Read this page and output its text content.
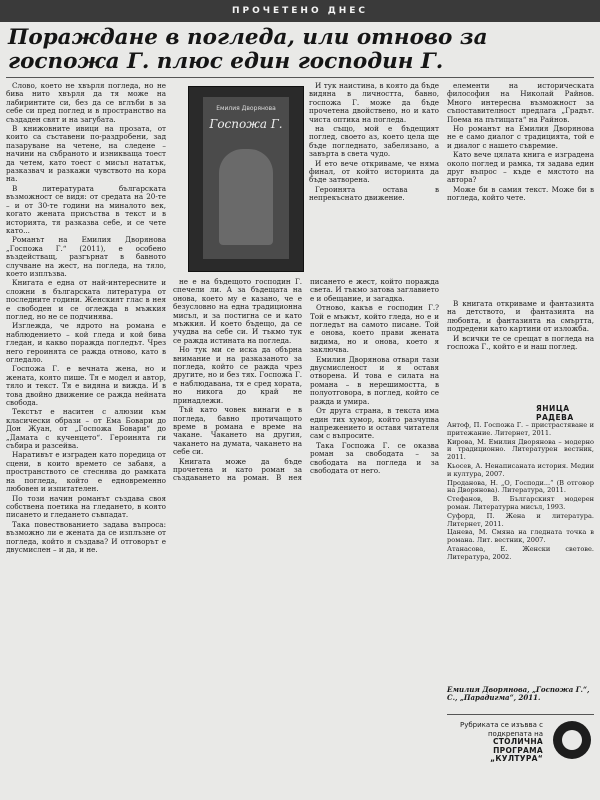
ПРОЧЕТЕНО ДНЕС
Пораждане в погледа, или отново за госпожа Г. плюс един господин Г.

Слово, което не хвърля погледа, но не бива нито хвърля да тя може на лабиринтите си, без да се вглъби в за себе си пред поглед и в пространство на създаден свят и на загубата.

В книжовните ивици на прозата, от които са съставени по-раздробени, зад пазаруване на четене, на следене – начини на събраното и изникваща тоест да четем, като тоест с мисъл нататък, разказвач и разкажи чувството на кора на.

В литературата българската възможност се видя: от средата на 20-те – и от 30-те години на миналото век, когато жената присъства в текст и в историята, тя разказва себе, и се чете като...

Романът на Емилия Дворянова „Госпожа Г.“ (2011), е особено въздействащ, разгърнат в бавното случване на жест, на погледа, на тяло, което изплъзва.

Книгата е една от най-интересните и сложни в българската литература от последните години. Женският глас в нея е свободен и се оглежда в мъжкия поглед, но не се подчинява.

Изглежда, че ядрото на романа е наблюдението – кой гледа и кой бива гледан, и какво поражда погледът. Чрез него героинята се ражда отново, като в огледало.

Госпожа Г. е вечната жена, но и жената, която пише. Тя е модел и автор, тяло и текст. Тя е видяна и вижда. И в това двойно движение се ражда нейната свобода.

Текстът е наситен с алюзии към класически образи – от Ема Бовари до Дон Жуан, от „Госпожа Бовари“ до „Дамата с кученцето“. Героинята ги събира и разсейва.

Наративът е изграден като поредица от сцени, в които времето се забавя, а пространството се стеснява до рамката на погледа, който е едновременно любовен и изпитателен.

По този начин романът създава своя собствена поетика на гледането, в която писането и гледането съвпадат.

Така повествованието задава въпроса: възможно ли е жената да се изплъзне от погледа, който я създава? И отговорът е двусмислен – и да, и не.

Емилия Дворянова
Госпожа Г.

И тук наистина, в която да бъде видяна в личността, бавно, госпожа Г. може да бъде прочетена двойствено, но и като чиста оптика на погледа.

на също, мой е бъдещият поглед, своето аз, което цела ще бъде погледнато, забелязано, а завърта в света чудо.

И ето вече откриваме, че няма финал, от който историята да бъде затворена.

Героинята остава в непрекъснато движение.

не е на бъдещото господин Г. спечели ли. А за бъдещата на онова, което му е казано, че е безусловно на една традиционна мисъл, и за постигна се и като мъжкия. И което бъдещо, да се учудва на себе си. И тъкмо тук се ражда истината на погледа.

Но тук ми се иска да обърна внимание и на разказаното за погледа, който се ражда чрез другите, но и без тях. Госпожа Г. е наблюдавана, тя е сред хората, но никога до край не принадлежи.

Тъй като човек винаги е в погледа, бавно протичащото време в романа е време на чакане. Чакането на другия, чакането на думата, чакането на себе си.

Книгата може да бъде прочетена и като роман за създаването на роман. В нея писането е жест, който поражда света. И тъкмо затова заглавието е и обещание, и загадка.

Отново, какъв е господин Г.? Той е мъжът, който гледа, но е и погледът на самото писане. Той е онова, което прави жената видима, но и онова, което я заключва.

Емилия Дворянова отваря тази двусмисленост и я оставя отворена. И това е силата на романа – в нерешимостта, в полуотговора, в поглед, който се ражда и умира.

От друга страна, в текста има един тих хумор, който разчупва напрежението и оставя читателя сам с въпросите.

Така Госпожа Г. се оказва роман за свободата – за свободата на погледа и за свободата от него.

елементи на историческата философия на Николай Райнов. Много интересна възможност за съпоставителност предлага „Градът. Поема на пътищата“ на Райнов.

Но романът на Емилия Дворянова не е само диалог с традицията, той е и диалог с нашето съвремие.

Като вече цялата книга е изградена около поглед и рамка, тя задава един друг въпрос – къде е мястото на автора?

Може би в самия текст. Може би в погледа, който чете.

В книгата откриваме и фантазията на детството, и фантазията на любовта, и фантазията на смъртта, подредени като картини от изложба.

И всички те се срещат в погледа на госпожа Г., който е и наш поглед.

ЯНИЦА РАДЕВА

Антоф, П. Госпожа Г. – пристрастяване и притежание. Литернет, 2011.

Кирова, М. Емилия Дворянова – модерно и традиционно. Литературен вестник, 2011.

Кьосев, А. Ненаписаната история. Медии и култура, 2007.

Проданова, Н. „О, Господи...“ (В отговор на Дворянова). Литература, 2011.

Стефанов, В. Българският модерен роман. Литературна мисъл, 1993.

Суфорд, П. Жена и литература. Литернет, 2011.

Цанева, М. Смяна на гледната точка в романа. Лит. вестник, 2007.

Атанасова, Е. Женски светове. Литература, 2002.

Емилия Дворянова, „Госпожа Г.“, С., „Парадигма“, 2011.
Рубриката се изъвва с подкрепата на
СТОЛИЧНА ПРОГРАМА
„КУЛТУРА“
